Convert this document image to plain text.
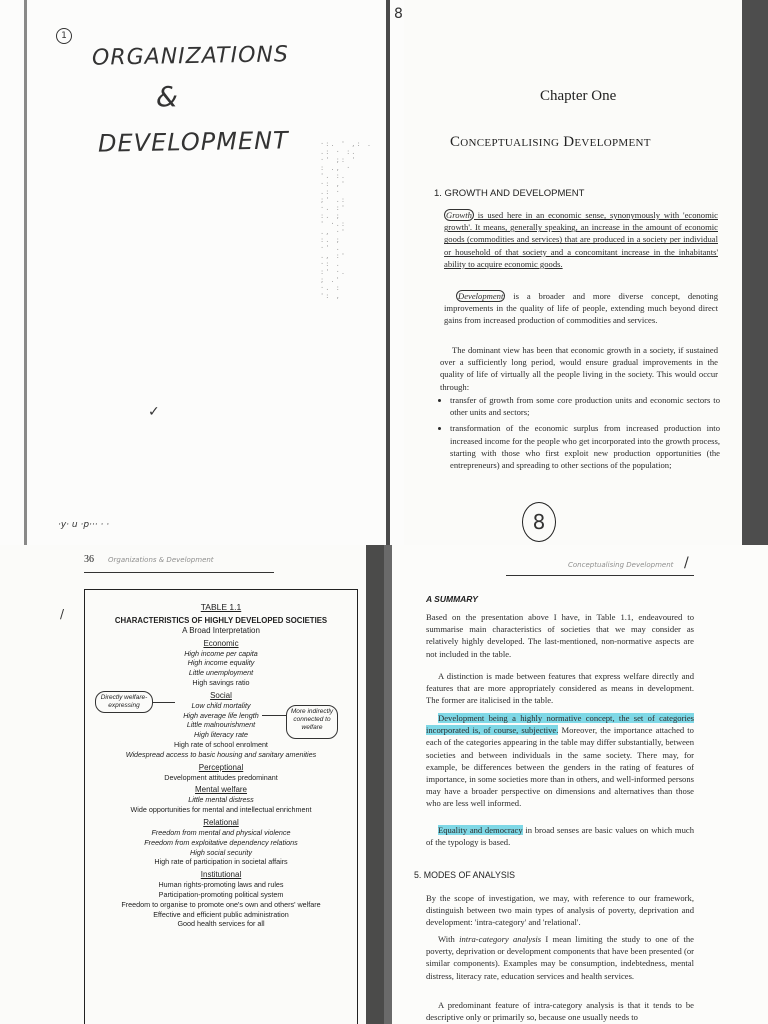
1
8
ORGANIZATIONS
&
DEVELOPMENT	·:. ' ,: .
.: · :.
·' ;: '
: ., ·
'. :.
·: ,'
.: ·
;' .:
·. :'
:. ;
' ·.:
., ·'
:. ;
·' .
., :'
·: .
:' ·.
; .'
·. :
': ,
✓
·y· u ·p··· · ·
Chapter One
Conceptualising Development
1. GROWTH AND DEVELOPMENT
Growth is used here in an economic sense, synonymously with 'economic growth'. It means, generally speaking, an increase in the amount of economic goods (commodities and services) that are produced in a society per individual or household of that society and a concomitant increase in the inhabitants' ability to acquire economic goods.
Development is a broader and more diverse concept, denoting improvements in the quality of life of people, extending much beyond direct gains from increased production of commodities and services.
The dominant view has been that economic growth in a society, if sustained over a sufficiently long period, would ensure gradual improvements in the quality of life of virtually all the people living in the society. This would occur through:
• transfer of growth from some core production units and economic sectors to other units and sectors;
• transformation of the economic surplus from increased production into increased income for the people who get incorporated into the growth process, starting with those who first exploit new production opportunities (the entrepreneurs) and spreading to other sections of the population;
8
36 Organizations & Development
TABLE 1.1
CHARACTERISTICS OF HIGHLY DEVELOPED SOCIETIES
A Broad Interpretation
Economic
High income per capita
High income equality
Little unemployment
High savings ratio
Social
Low child mortality
High average life length
Little malnourishment
High literacy rate
High rate of school enrolment
Widespread access to basic housing and sanitary amenities
Perceptional
Development attitudes predominant
Mental welfare
Little mental distress
Wide opportunities for mental and intellectual enrichment
Relational
Freedom from mental and physical violence
Freedom from exploitative dependency relations
High social security
High rate of participation in societal affairs
Institutional
Human rights-promoting laws and rules
Participation-promoting political system
Freedom to organise to promote one's own and others' welfare
Effective and efficient public administration
Good health services for all
Directly welfare-expressing
More indirectly connected to welfare
/
Conceptualising Development /
A SUMMARY
Based on the presentation above I have, in Table 1.1, endeavoured to summarise main characteristics of societies that we may consider as relatively highly developed. The last-mentioned, non-normative aspects are not included in the table.
A distinction is made between features that express welfare directly and features that are more appropriately considered as means in development. The former are italicised in the table.
Development being a highly normative concept, the set of categories incorporated is, of course, subjective. Moreover, the importance attached to each of the categories appearing in the table may differ substantially, between societies and between individuals in the same society. There may, for example, be differences between the genders in the rating of features of importance, in some societies more than in others, and well-informed persons may have a broader perspective on dimensions and alternatives than those who are less well informed.
Equality and democracy in broad senses are basic values on which much of the typology is based.
5. MODES OF ANALYSIS
By the scope of investigation, we may, with reference to our framework, distinguish between two main types of analysis of poverty, deprivation and development: 'intra-category' and 'relational'.
With intra-category analysis I mean limiting the study to one of the poverty, deprivation or development components that have been presented (or similar components). Examples may be consumption, indebtedness, mental distress, literacy rate, education services and health services.
A predominant feature of intra-category analysis is that it tends to be descriptive only or primarily so, because one usually needs to
